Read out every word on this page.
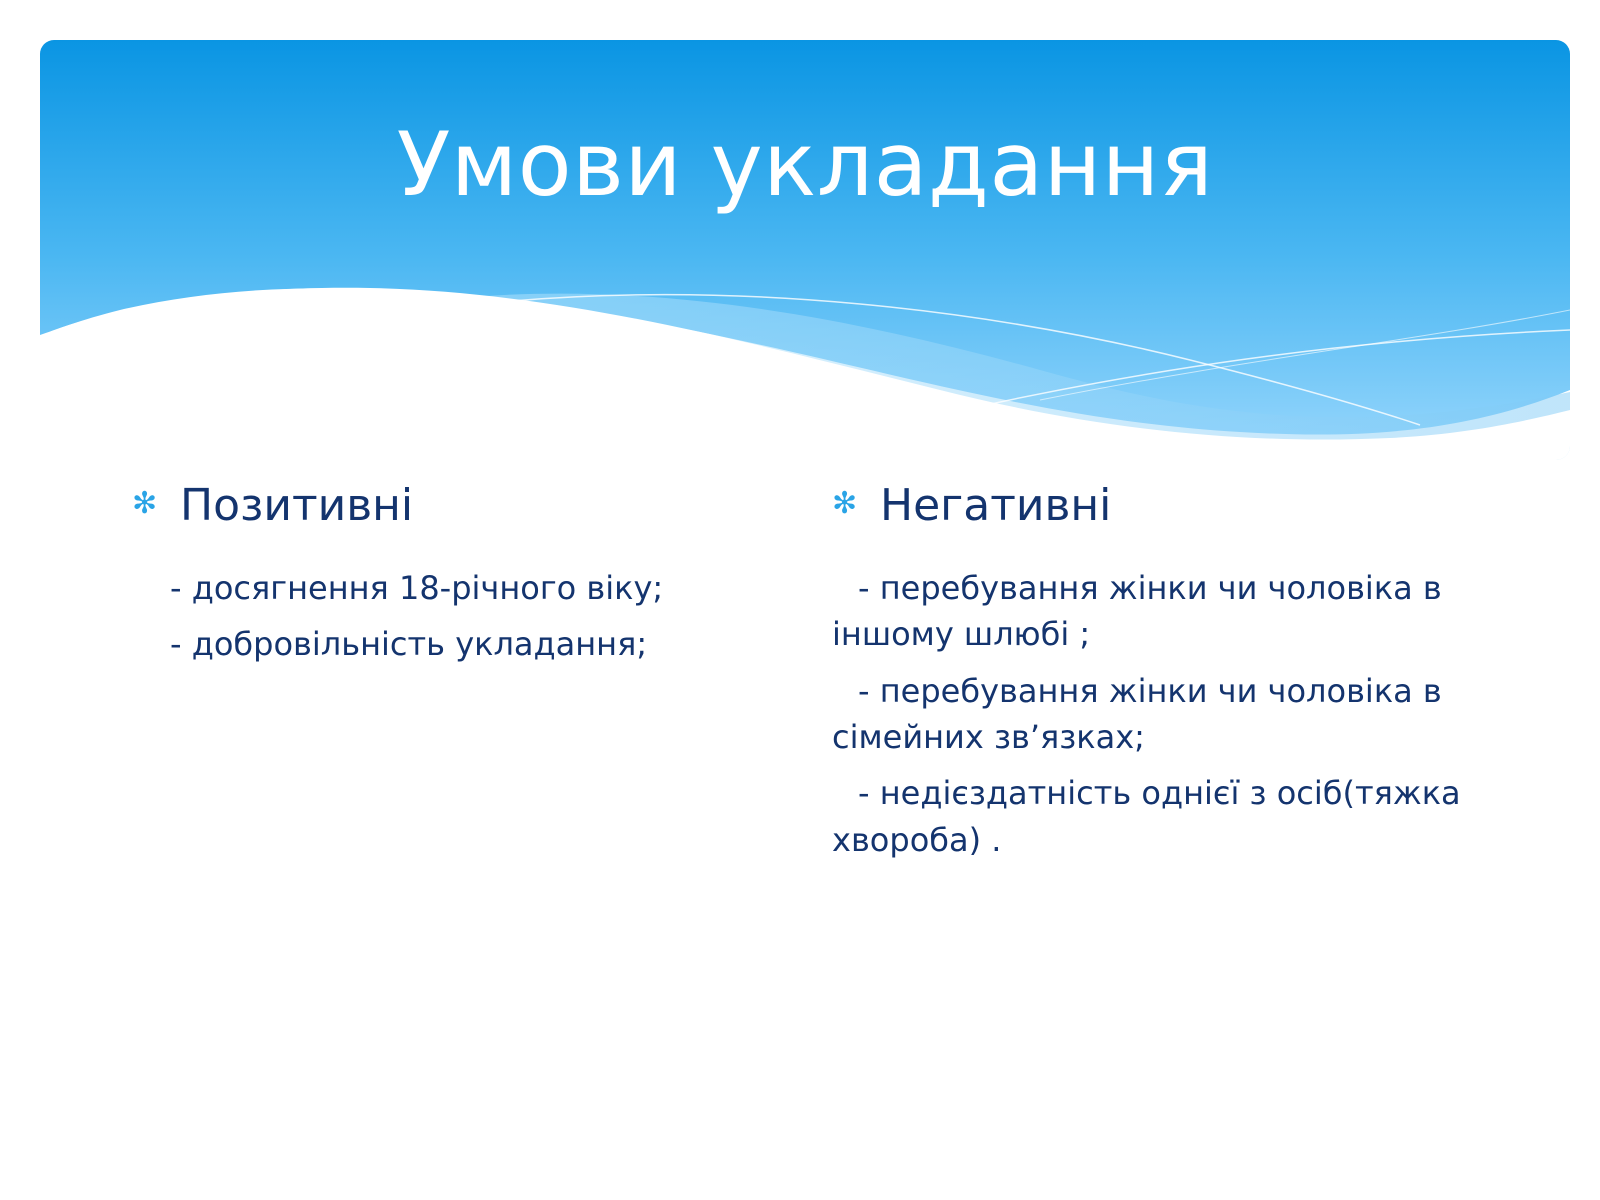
Умови укладання

✻ Позитивні

- досягнення 18-річного віку;

- добровільність укладання;

✻ Негативні

- перебування жінки чи чоловіка в іншому шлюбі ;

- перебування жінки чи чоловіка в сімейних зв’язках;

- недієздатність однієї з осіб(тяжка хвороба) .
